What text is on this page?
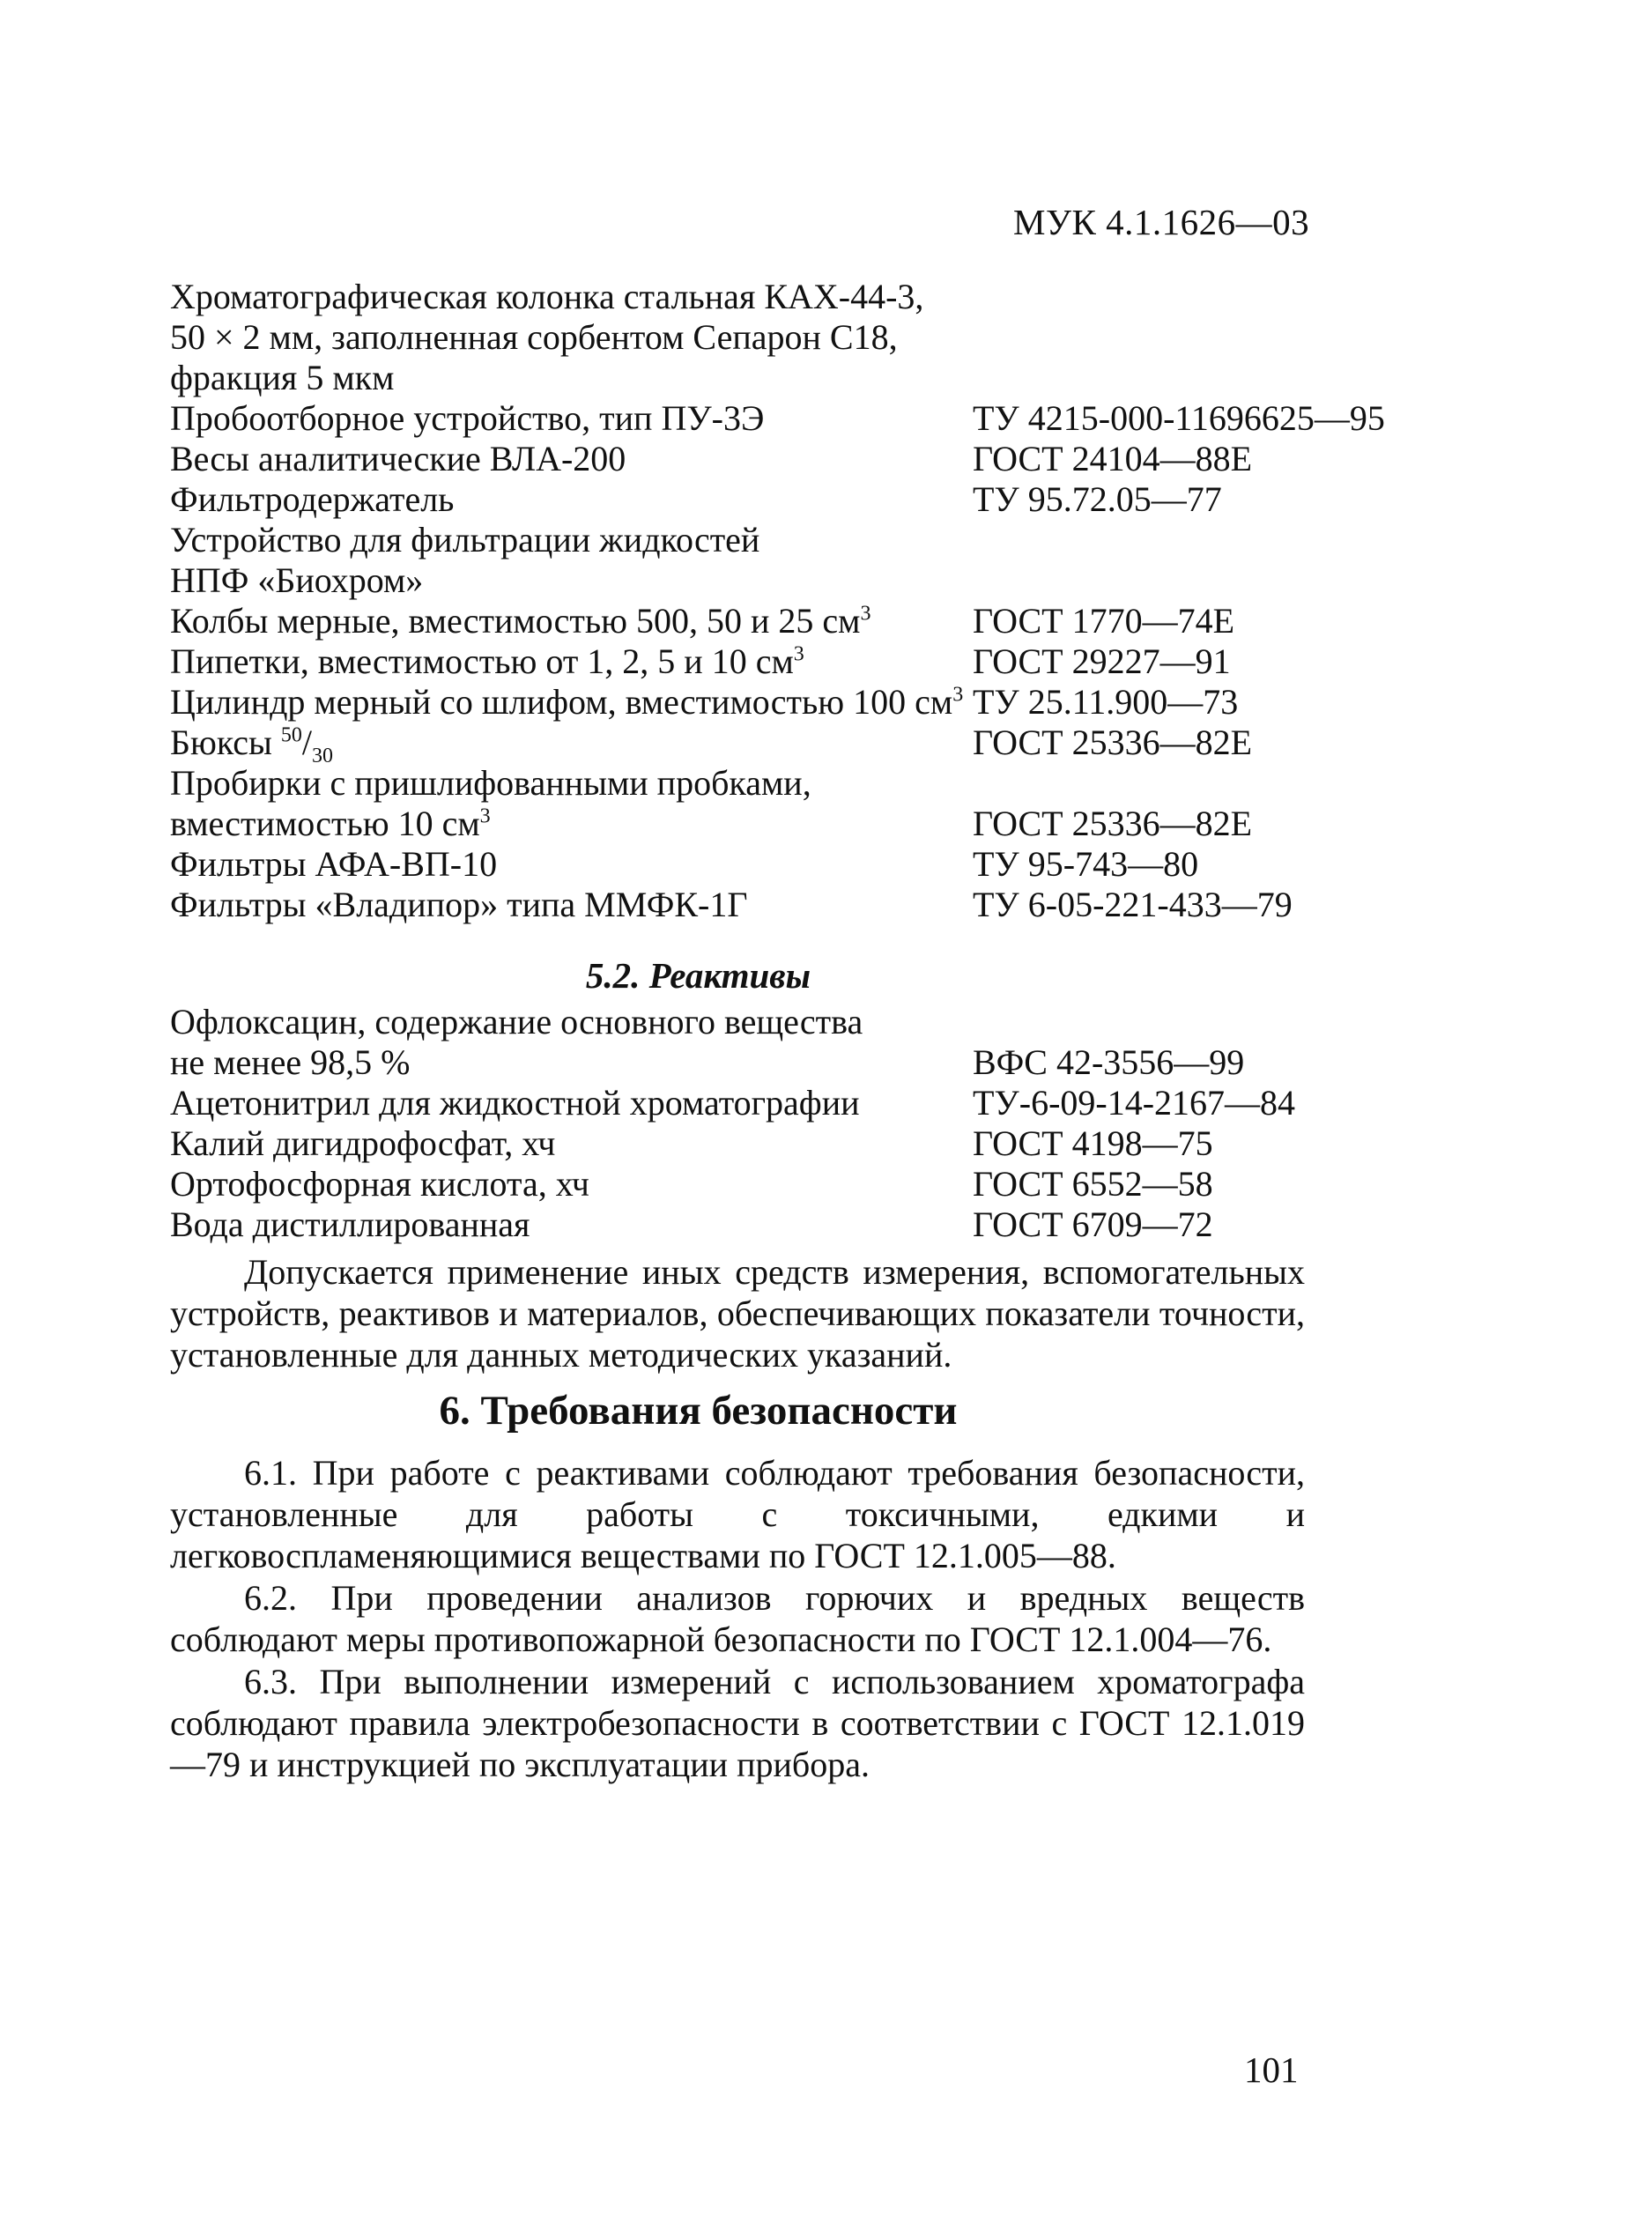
МУК 4.1.1626—03
Хроматографическая колонка стальная КАХ-44-3,
50 × 2 мм, заполненная сорбентом Сепарон С18,
фракция 5 мкм
Пробоотборное устройство, тип ПУ-3Э	ТУ 4215-000-11696625—95
Весы аналитические ВЛА-200	ГОСТ 24104—88Е
Фильтродержатель	ТУ 95.72.05—77
Устройство для фильтрации жидкостей
НПФ «Биохром»
Колбы мерные, вместимостью 500, 50 и 25 $см^3$	ГОСТ 1770—74Е
Пипетки, вместимостью от 1, 2, 5 и 10 $см^3$	ГОСТ 29227—91
Цилиндр мерный со шлифом, вместимостью 100 $см^3$ ТУ 25.11.900—73
Бюксы $^{50}/_{30}$	ГОСТ 25336—82Е
Пробирки с пришлифованными пробками,
вместимостью 10 $см^3$	ГОСТ 25336—82Е
Фильтры АФА-ВП-10	ТУ 95-743—80
Фильтры «Владипор» типа ММФК-1Г	ТУ 6-05-221-433—79
5.2. Реактивы
Офлоксацин, содержание основного вещества
не менее 98,5 %	ВФС 42-3556—99
Ацетонитрил для жидкостной хроматографии	ТУ-6-09-14-2167—84
Калий дигидрофосфат, хч	ГОСТ 4198—75
Ортофосфорная кислота, хч	ГОСТ 6552—58
Вода дистиллированная	ГОСТ 6709—72

Допускается применение иных средств измерения, вспомогательных устройств, реактивов и материалов, обеспечивающих показатели точности, установленные для данных методических указаний.

6. Требования безопасности

6.1. При работе с реактивами соблюдают требования безопасности, установленные для работы с токсичными, едкими и легковоспламеняющимися веществами по ГОСТ 12.1.005—88.

6.2. При проведении анализов горючих и вредных веществ соблюдают меры противопожарной безопасности по ГОСТ 12.1.004—76.

6.3. При выполнении измерений с использованием хроматографа соблюдают правила электробезопасности в соответствии с ГОСТ 12.1.019—79 и инструкцией по эксплуатации прибора.

101
